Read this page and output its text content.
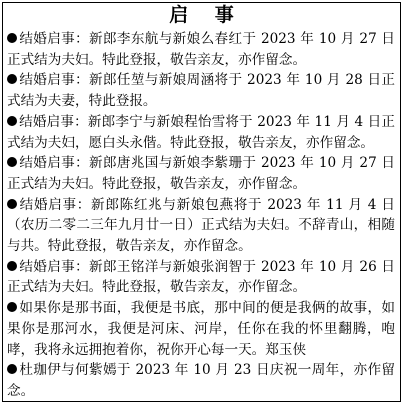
启 事

结婚启事：新郎李东航与新娘么春红于 2023 年 10 月 27 日正式结为夫妇。特此登报，敬告亲友，亦作留念。

结婚启事：新郎任堃与新娘周涵将于 2023 年 10 月 28 日正式结为夫妻，特此登报。

结婚启事：新郎李宁与新娘程怡雪将于 2023 年 11 月 4 日正式结为夫妇，愿白头永偕。特此登报，敬告亲友，亦作留念。

结婚启事：新郎唐兆国与新娘李紫珊于 2023 年 10 月 27 日正式结为夫妇。特此登报，敬告亲友，亦作留念。

结婚启事：新郎陈红兆与新娘包燕将于 2023 年 11 月 4 日（农历二零二三年九月廿一日）正式结为夫妇。不辞青山，相随与共。特此登报，敬告亲友，亦作留念。

结婚启事：新郎王铭洋与新娘张润智于 2023 年 10 月 26 日正式结为夫妇。特此登报，敬告亲友，亦作留念。

如果你是那书面，我便是书底，那中间的便是我俩的故事，如果你是那河水，我便是河床、河岸，任你在我的怀里翻腾，咆哮，我将永远拥抱着你，祝你开心每一天。郑玉侠

杜珈伊与何紫嫣于 2023 年 10 月 23 日庆祝一周年，亦作留念。
